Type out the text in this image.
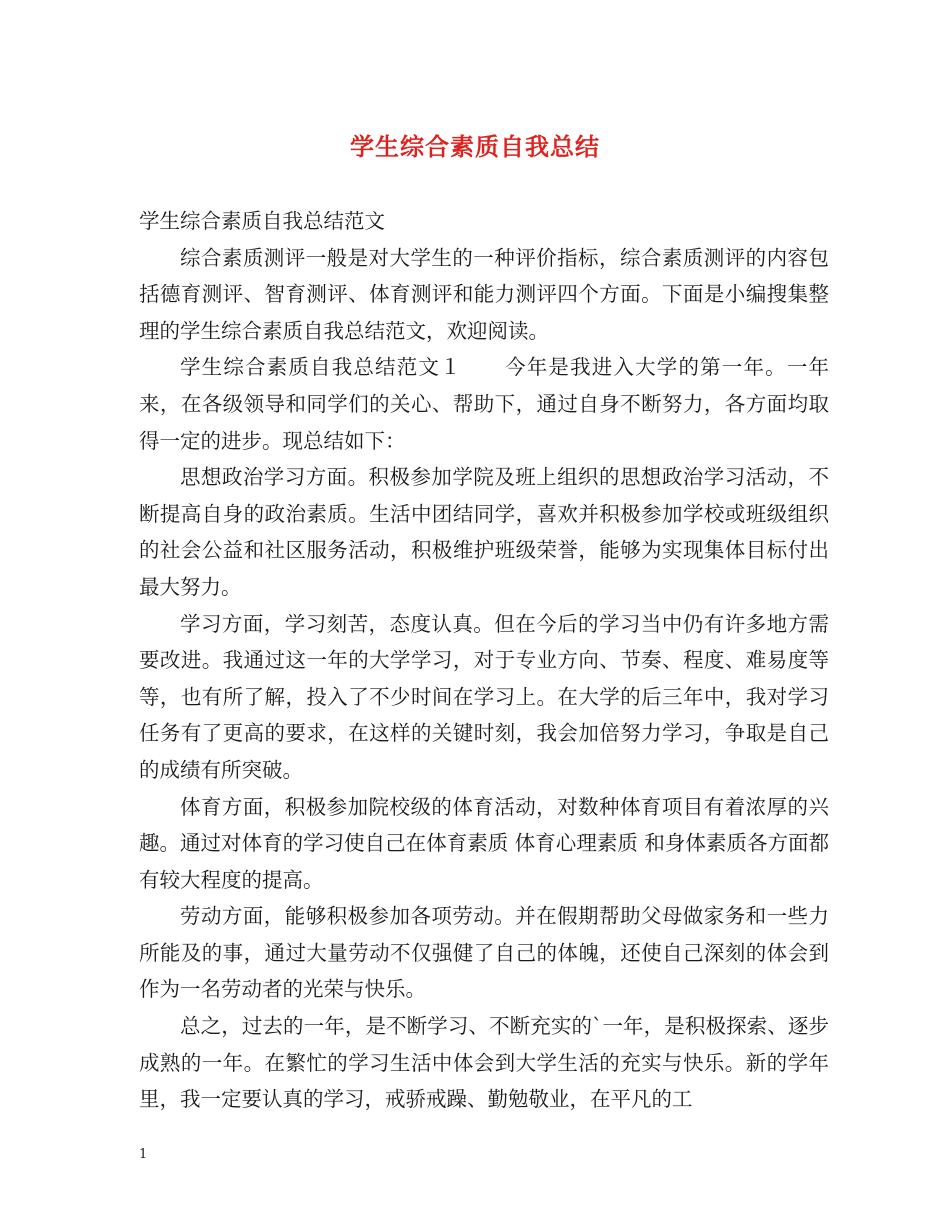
学生综合素质自我总结

学生综合素质自我总结范文

综合素质测评一般是对大学生的一种评价指标，综合素质测评的内容包括德育测评、智育测评、体育测评和能力测评四个方面。下面是小编搜集整理的学生综合素质自我总结范文，欢迎阅读。

学生综合素质自我总结范文１　　今年是我进入大学的第一年。一年来，在各级领导和同学们的关心、帮助下，通过自身不断努力，各方面均取得一定的进步。现总结如下：

思想政治学习方面。积极参加学院及班上组织的思想政治学习活动，不断提高自身的政治素质。生活中团结同学，喜欢并积极参加学校或班级组织的社会公益和社区服务活动，积极维护班级荣誉，能够为实现集体目标付出最大努力。

学习方面，学习刻苦，态度认真。但在今后的学习当中仍有许多地方需要改进。我通过这一年的大学学习，对于专业方向、节奏、程度、难易度等等，也有所了解，投入了不少时间在学习上。在大学的后三年中，我对学习任务有了更高的要求，在这样的关键时刻，我会加倍努力学习，争取是自己的成绩有所突破。

体育方面，积极参加院校级的体育活动，对数种体育项目有着浓厚的兴趣。通过对体育的学习使自己在体育素质 体育心理素质 和身体素质各方面都有较大程度的提高。

劳动方面，能够积极参加各项劳动。并在假期帮助父母做家务和一些力所能及的事，通过大量劳动不仅强健了自己的体魄，还使自己深刻的体会到作为一名劳动者的光荣与快乐。

总之，过去的一年，是不断学习、不断充实的`一年，是积极探索、逐步成熟的一年。在繁忙的学习生活中体会到大学生活的充实与快乐。新的学年里，我一定要认真的学习，戒骄戒躁、勤勉敬业，在平凡的工

1
